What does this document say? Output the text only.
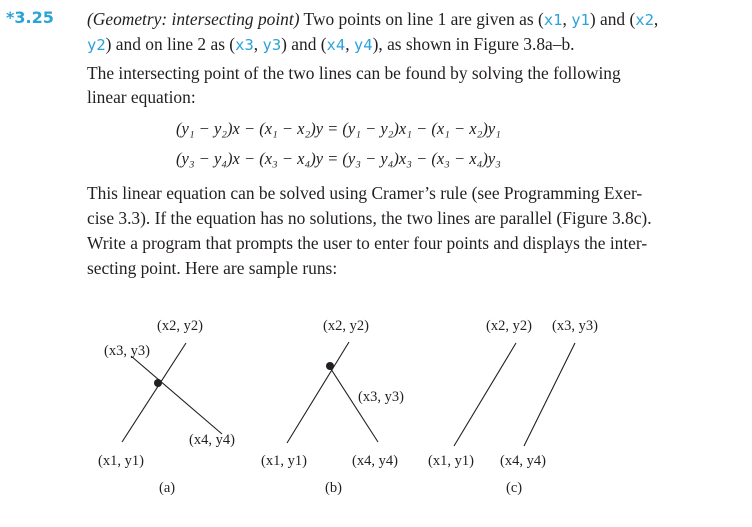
*3.25 (Geometry: intersecting point) Two points on line 1 are given as (x1, y1) and (x2,
y2) and on line 2 as (x3, y3) and (x4, y4), as shown in Figure 3.8a–b.
The intersecting point of the two lines can be found by solving the following
linear equation:
(y₁ − y₂)x − (x₁ − x₂)y = (y₁ − y₂)x₁ − (x₁ − x₂)y₁
(y₃ − y₄)x − (x₃ − x₄)y = (y₃ − y₄)x₃ − (x₃ − x₄)y₃
This linear equation can be solved using Cramer’s rule (see Programming Exer-
cise 3.3). If the equation has no solutions, the two lines are parallel (Figure 3.8c).
Write a program that prompts the user to enter four points and displays the inter-
secting point. Here are sample runs:
(x2, y2)
(x3, y3)
(x4, y4)
(x1, y1)
(a)
(x2, y2)
(x3, y3)
(x1, y1)	(x4, y4)
(b)
(x2, y2) (x3, y3)
(x1, y1) (x4, y4)
(c)
